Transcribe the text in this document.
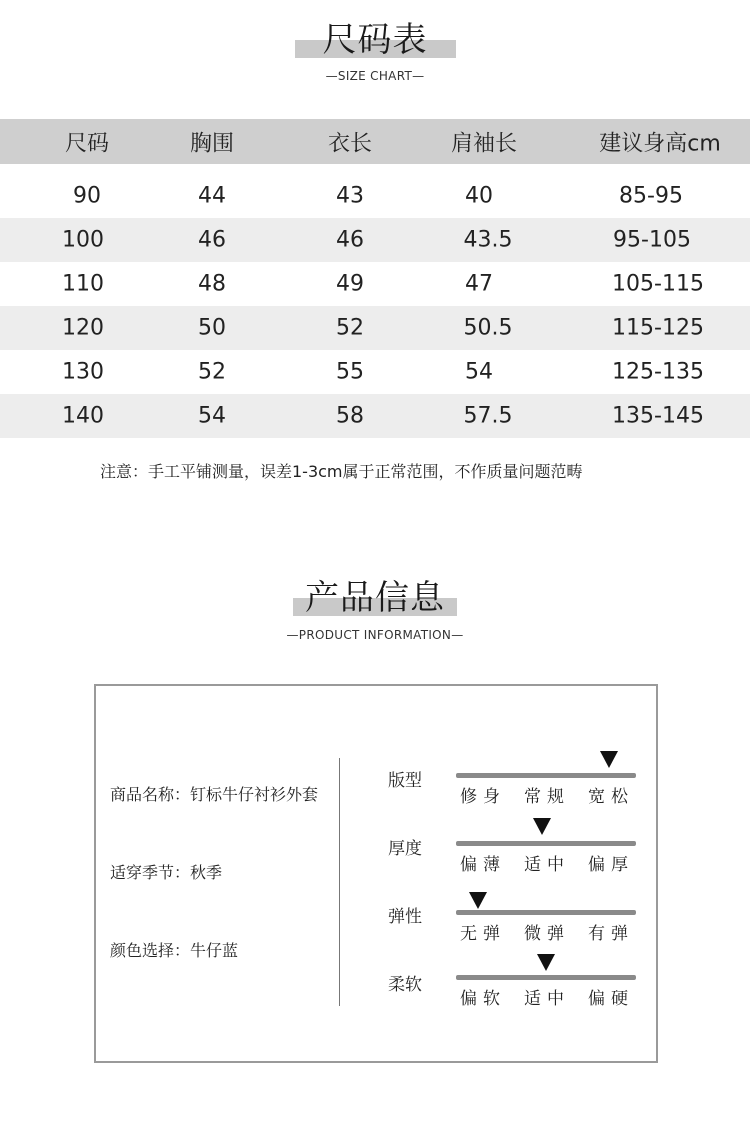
尺码表
—SIZE CHART—
尺码	胸围	衣长	肩袖长	建议身高cm
90	44	43	40	85-95
100	46	46	43.5	95-105
110	48	49	47	105-115
120	50	52	50.5	115-125
130	52	55	54	125-135
140	54	58	57.5	135-145
注意：手工平铺测量，误差1-3cm属于正常范围，不作质量问题范畴
产品信息
—PRODUCT INFORMATION—
商品名称：钉标牛仔衬衫外套
适穿季节：秋季
颜色选择：牛仔蓝
版型
修身 常规 宽松
厚度
偏薄 适中 偏厚
弹性
无弹 微弹 有弹
柔软
偏软 适中 偏硬
